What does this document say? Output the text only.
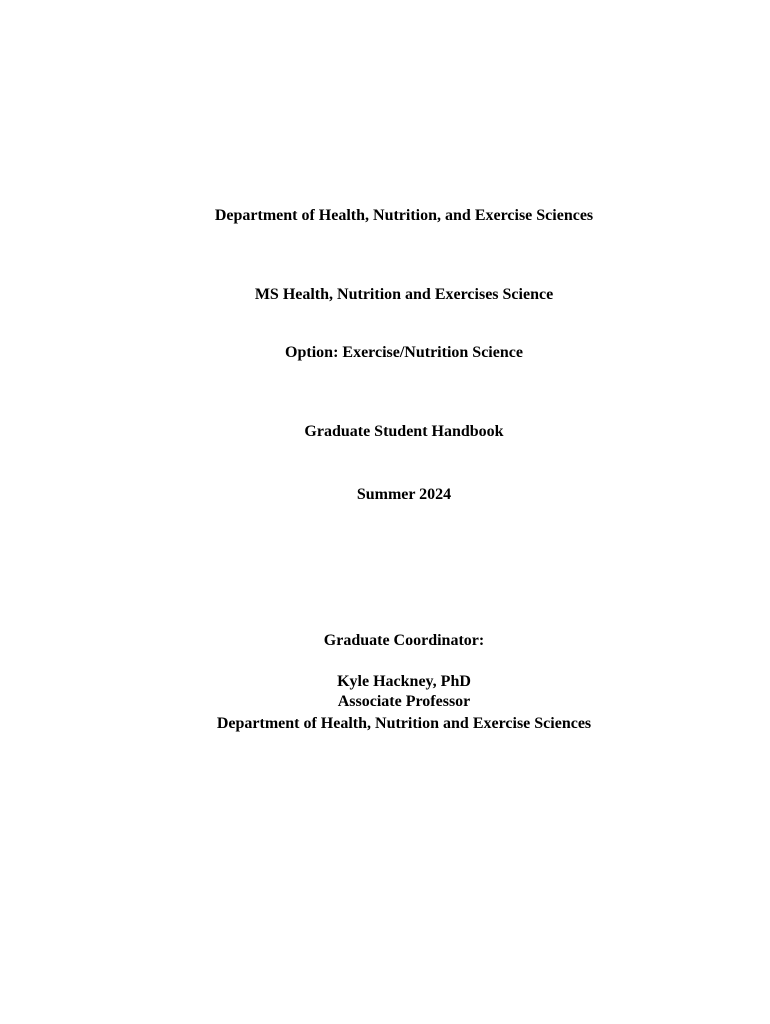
Department of Health, Nutrition, and Exercise Sciences
MS Health, Nutrition and Exercises Science
Option: Exercise/Nutrition Science
Graduate Student Handbook
Summer 2024
Graduate Coordinator:
Kyle Hackney, PhD
Associate Professor
Department of Health, Nutrition and Exercise Sciences
